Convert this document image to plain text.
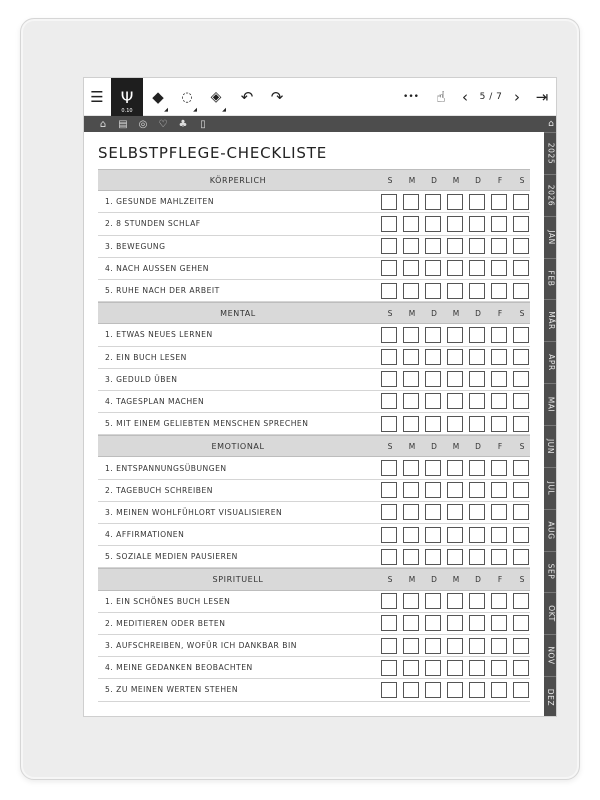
☰	Ψ
0.10
◆
◢
◌
◢
◈
◢
↶	↷	•••	☝	‹	5 / 7 ›	⇥
⌂	▤ ◎ ♡ ♣	▯	⌂
2025
2026
JAN
FEB
MÄR
APR
MAI
JUN
JUL
AUG
SEP
OKT
NOV
DEZ
SELBSTPFLEGE-CHECKLISTE
KÖRPERLICH	S	M	D	M	D	F	S
1. GESUNDE MAHLZEITEN
2. 8 STUNDEN SCHLAF
3. BEWEGUNG
4. NACH AUSSEN GEHEN
5. RUHE NACH DER ARBEIT
MENTAL	S	M	D	M	D	F	S
1. ETWAS NEUES LERNEN
2. EIN BUCH LESEN
3. GEDULD ÜBEN
4. TAGESPLAN MACHEN
5. MIT EINEM GELIEBTEN MENSCHEN SPRECHEN
EMOTIONAL	S	M	D	M	D	F	S
1. ENTSPANNUNGSÜBUNGEN
2. TAGEBUCH SCHREIBEN
3. MEINEN WOHLFÜHLORT VISUALISIEREN
4. AFFIRMATIONEN
5. SOZIALE MEDIEN PAUSIEREN
SPIRITUELL	S	M	D	M	D	F	S
1. EIN SCHÖNES BUCH LESEN
2. MEDITIEREN ODER BETEN
3. AUFSCHREIBEN, WOFÜR ICH DANKBAR BIN
4. MEINE GEDANKEN BEOBACHTEN
5. ZU MEINEN WERTEN STEHEN
